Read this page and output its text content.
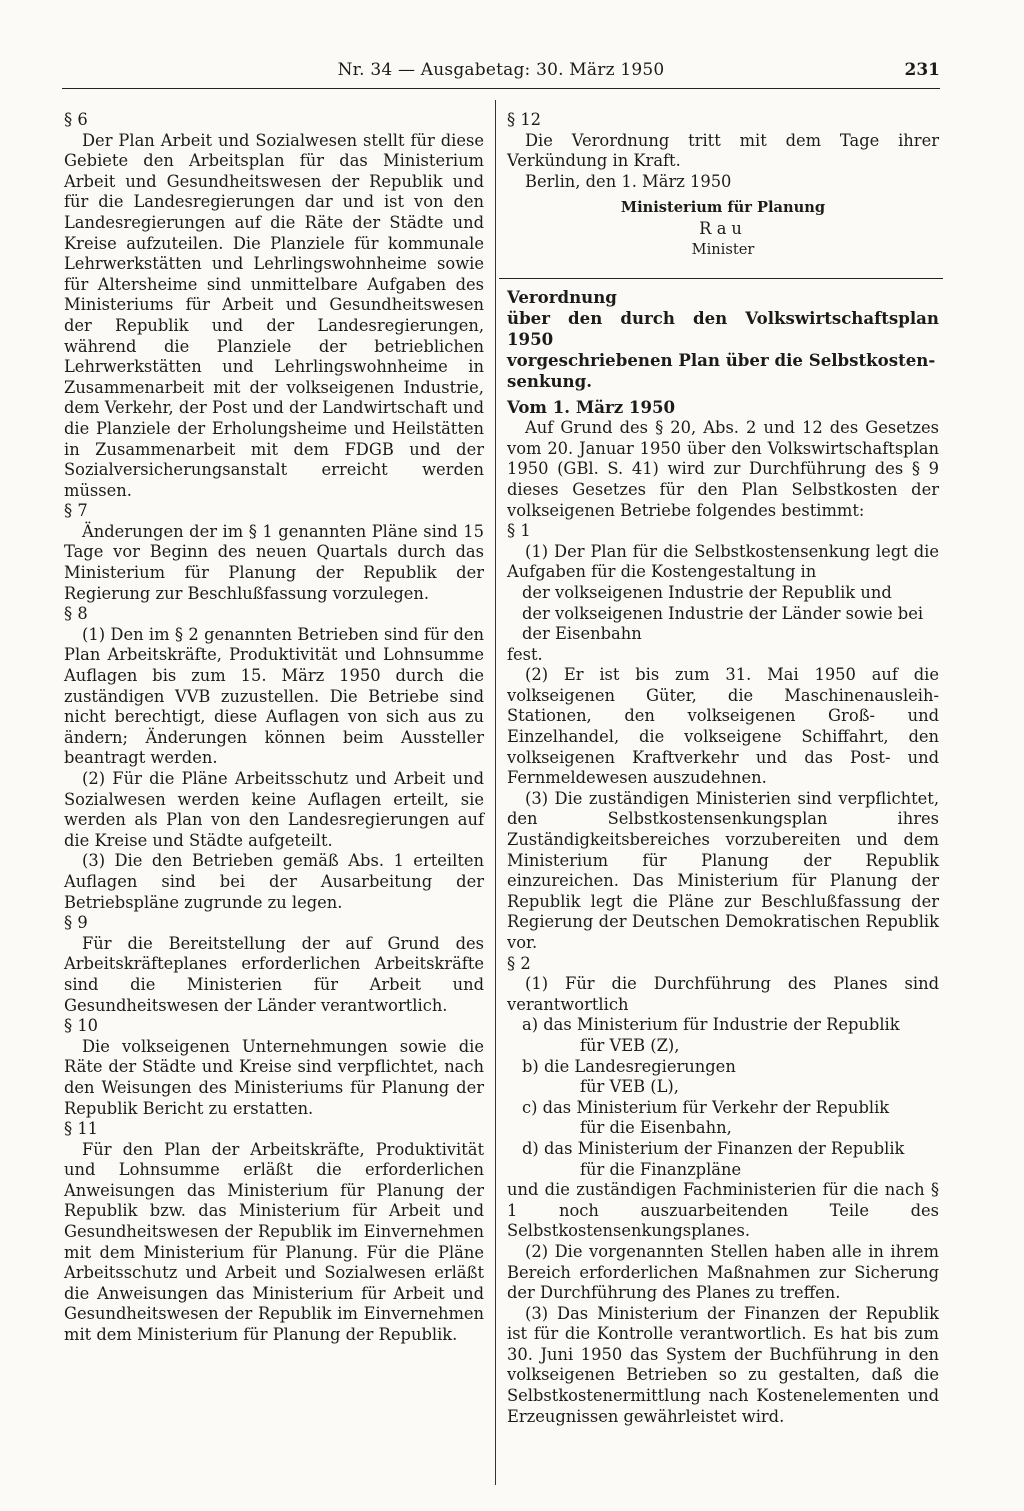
Nr. 34 — Ausgabetag: 30. März 1950	231

§ 6

Der Plan Arbeit und Sozialwesen stellt für diese Gebiete den Arbeitsplan für das Ministerium Arbeit und Gesundheitswesen der Republik und für die Landesregierungen dar und ist von den Landesregierungen auf die Räte der Städte und Kreise aufzuteilen. Die Planziele für kommunale Lehrwerkstätten und Lehrlingswohnheime sowie für Altersheime sind unmittelbare Aufgaben des Ministeriums für Arbeit und Gesundheitswesen der Republik und der Landesregierungen, während die Planziele der betrieblichen Lehrwerkstätten und Lehrlingswohnheime in Zusammenarbeit mit der volkseigenen Industrie, dem Verkehr, der Post und der Landwirtschaft und die Planziele der Erholungsheime und Heilstätten in Zusammenarbeit mit dem FDGB und der Sozialversicherungsanstalt erreicht werden müssen.

§ 7

Änderungen der im § 1 genannten Pläne sind 15 Tage vor Beginn des neuen Quartals durch das Ministerium für Planung der Republik der Regierung zur Beschlußfassung vorzulegen.

§ 8

(1) Den im § 2 genannten Betrieben sind für den Plan Arbeitskräfte, Produktivität und Lohnsumme Auflagen bis zum 15. März 1950 durch die zuständigen VVB zuzustellen. Die Betriebe sind nicht berechtigt, diese Auflagen von sich aus zu ändern; Änderungen können beim Aussteller beantragt werden.

(2) Für die Pläne Arbeitsschutz und Arbeit und Sozialwesen werden keine Auflagen erteilt, sie werden als Plan von den Landesregierungen auf die Kreise und Städte aufgeteilt.

(3) Die den Betrieben gemäß Abs. 1 erteilten Auflagen sind bei der Ausarbeitung der Betriebspläne zugrunde zu legen.

§ 9

Für die Bereitstellung der auf Grund des Arbeitskräfteplanes erforderlichen Arbeitskräfte sind die Ministerien für Arbeit und Gesundheitswesen der Länder verantwortlich.

§ 10

Die volkseigenen Unternehmungen sowie die Räte der Städte und Kreise sind verpflichtet, nach den Weisungen des Ministeriums für Planung der Republik Bericht zu erstatten.

§ 11

Für den Plan der Arbeitskräfte, Produktivität und Lohnsumme erläßt die erforderlichen Anweisungen das Ministerium für Planung der Republik bzw. das Ministerium für Arbeit und Gesundheitswesen der Republik im Einvernehmen mit dem Ministerium für Planung. Für die Pläne Arbeitsschutz und Arbeit und Sozialwesen erläßt die Anweisungen das Ministerium für Arbeit und Gesundheitswesen der Republik im Einvernehmen mit dem Ministerium für Planung der Republik.

§ 12

Die Verordnung tritt mit dem Tage ihrer Verkündung in Kraft.

Berlin, den 1. März 1950

Ministerium für Planung

Rau

Minister

Verordnung

über den durch den Volkswirtschaftsplan 1950

vorgeschriebenen Plan über die Selbstkosten-

senkung.

Vom 1. März 1950

Auf Grund des § 20, Abs. 2 und 12 des Gesetzes vom 20. Januar 1950 über den Volkswirtschaftsplan 1950 (GBl. S. 41) wird zur Durchführung des § 9 dieses Gesetzes für den Plan Selbstkosten der volkseigenen Betriebe folgendes bestimmt:

§ 1

(1) Der Plan für die Selbstkostensenkung legt die Aufgaben für die Kostengestaltung in

der volkseigenen Industrie der Republik und

der volkseigenen Industrie der Länder sowie bei der Eisenbahn

fest.

(2) Er ist bis zum 31. Mai 1950 auf die volkseigenen Güter, die Maschinenausleih-Stationen, den volkseigenen Groß- und Einzelhandel, die volkseigene Schiffahrt, den volkseigenen Kraftverkehr und das Post- und Fernmeldewesen auszudehnen.

(3) Die zuständigen Ministerien sind verpflichtet, den Selbstkostensenkungsplan ihres Zuständigkeitsbereiches vorzubereiten und dem Ministerium für Planung der Republik einzureichen. Das Ministerium für Planung der Republik legt die Pläne zur Beschlußfassung der Regierung der Deutschen Demokratischen Republik vor.

§ 2

(1) Für die Durchführung des Planes sind verantwortlich

a) das Ministerium für Industrie der Republik
für VEB (Z),
b) die Landesregierungen
für VEB (L),
c) das Ministerium für Verkehr der Republik
für die Eisenbahn,
d) das Ministerium der Finanzen der Republik
für die Finanzpläne

und die zuständigen Fachministerien für die nach § 1 noch auszuarbeitenden Teile des Selbstkostensenkungsplanes.

(2) Die vorgenannten Stellen haben alle in ihrem Bereich erforderlichen Maßnahmen zur Sicherung der Durchführung des Planes zu treffen.

(3) Das Ministerium der Finanzen der Republik ist für die Kontrolle verantwortlich. Es hat bis zum 30. Juni 1950 das System der Buchführung in den volkseigenen Betrieben so zu gestalten, daß die Selbstkostenermittlung nach Kostenelementen und Erzeugnissen gewährleistet wird.
